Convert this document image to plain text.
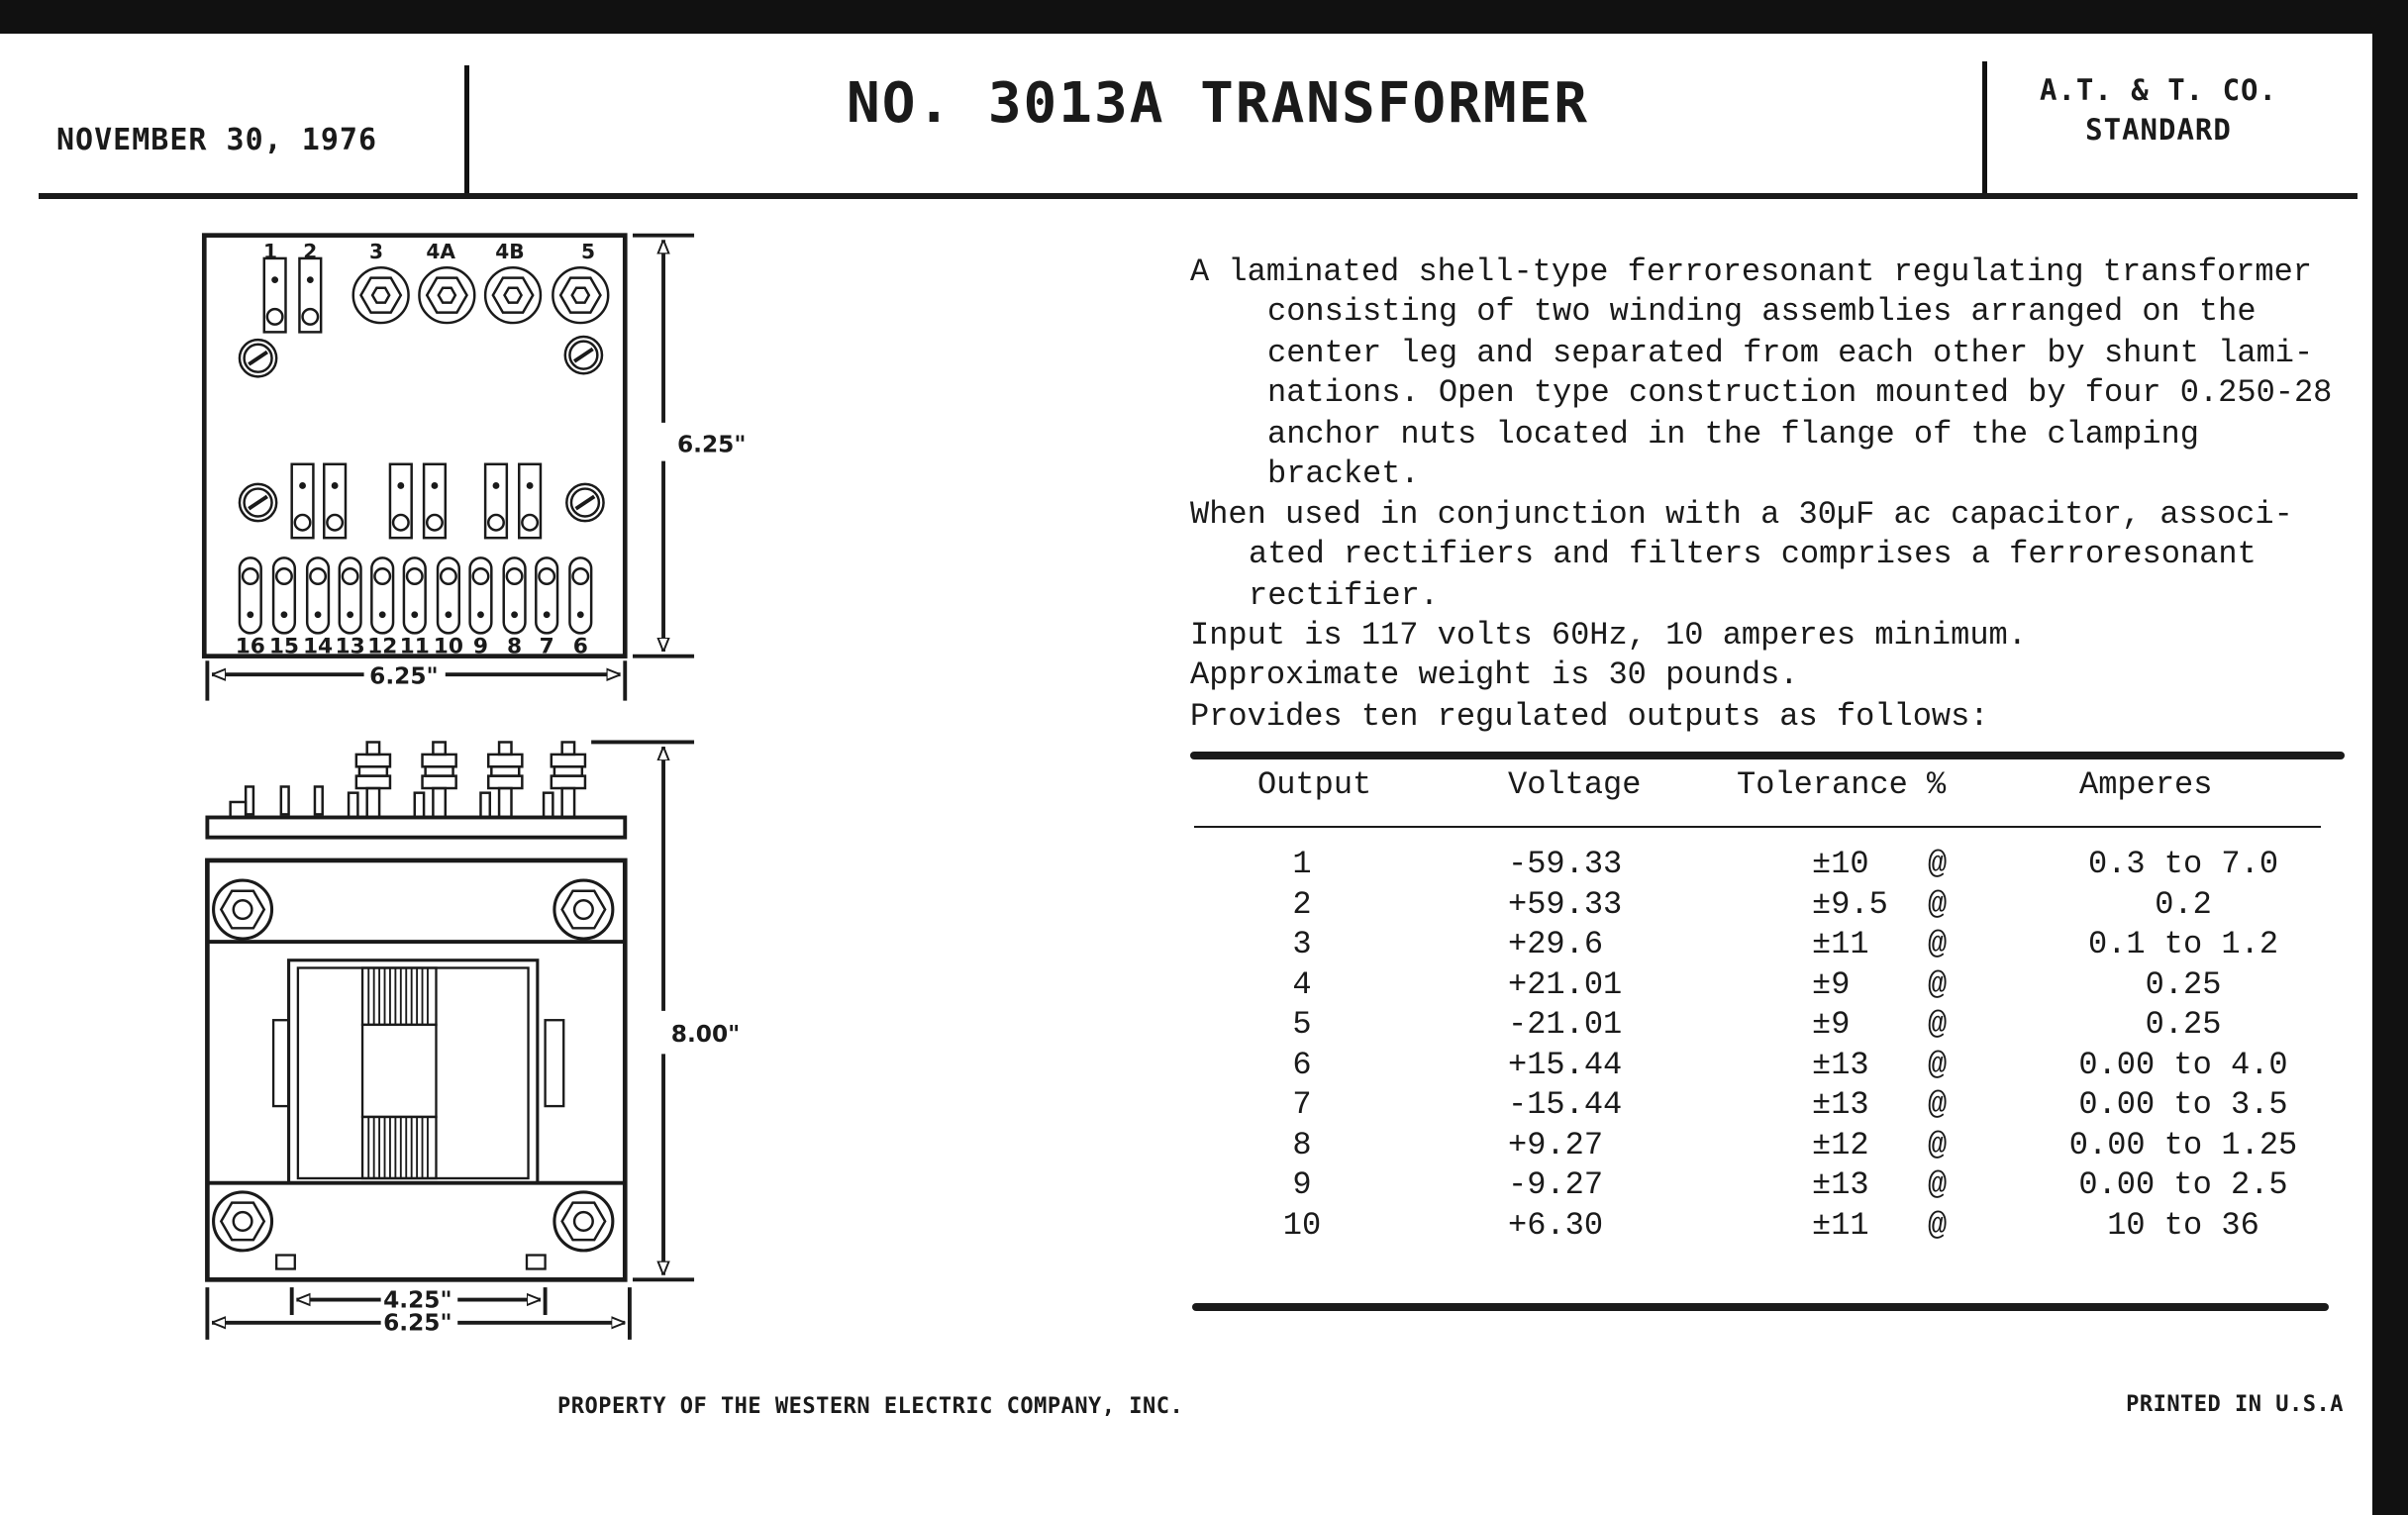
NOVEMBER 30, 1976
NO. 3013A TRANSFORMER	A.T. & T. CO.
STANDARD
A laminated shell-type ferroresonant regulating transformer
consisting of two winding assemblies arranged on the
center leg and separated from each other by shunt lami-
nations. Open type construction mounted by four 0.250-28
anchor nuts located in the flange of the clamping
bracket.
When used in conjunction with a 30µF ac capacitor, associ-
ated rectifiers and filters comprises a ferroresonant
rectifier.
Input is 117 volts 60Hz, 10 amperes minimum.
Approximate weight is 30 pounds.
Provides ten regulated outputs as follows:
Output	Voltage	Tolerance %	Amperes
1	-59.33	±10 @	0.3 to 7.0
2	+59.33	±9.5 @	0.2
3	+29.6	±11 @	0.1 to 1.2
4	+21.01	±9 @	0.25
5	-21.01	±9 @	0.25
6	+15.44	±13 @	0.00 to 4.0
7	-15.44	±13 @	0.00 to 3.5
8	+9.27	±12 @	0.00 to 1.25
9	-9.27	±13 @	0.00 to 2.5
10	+6.30	±11 @	10 to 36
1 2	3	4A	4B	5
16 15 14 13 12 11 10 9 8 7 6
6.25"
6.25"
8.00"
4.25"
6.25"
PROPERTY OF THE WESTERN ELECTRIC COMPANY, INC.	PRINTED IN U.S.A
